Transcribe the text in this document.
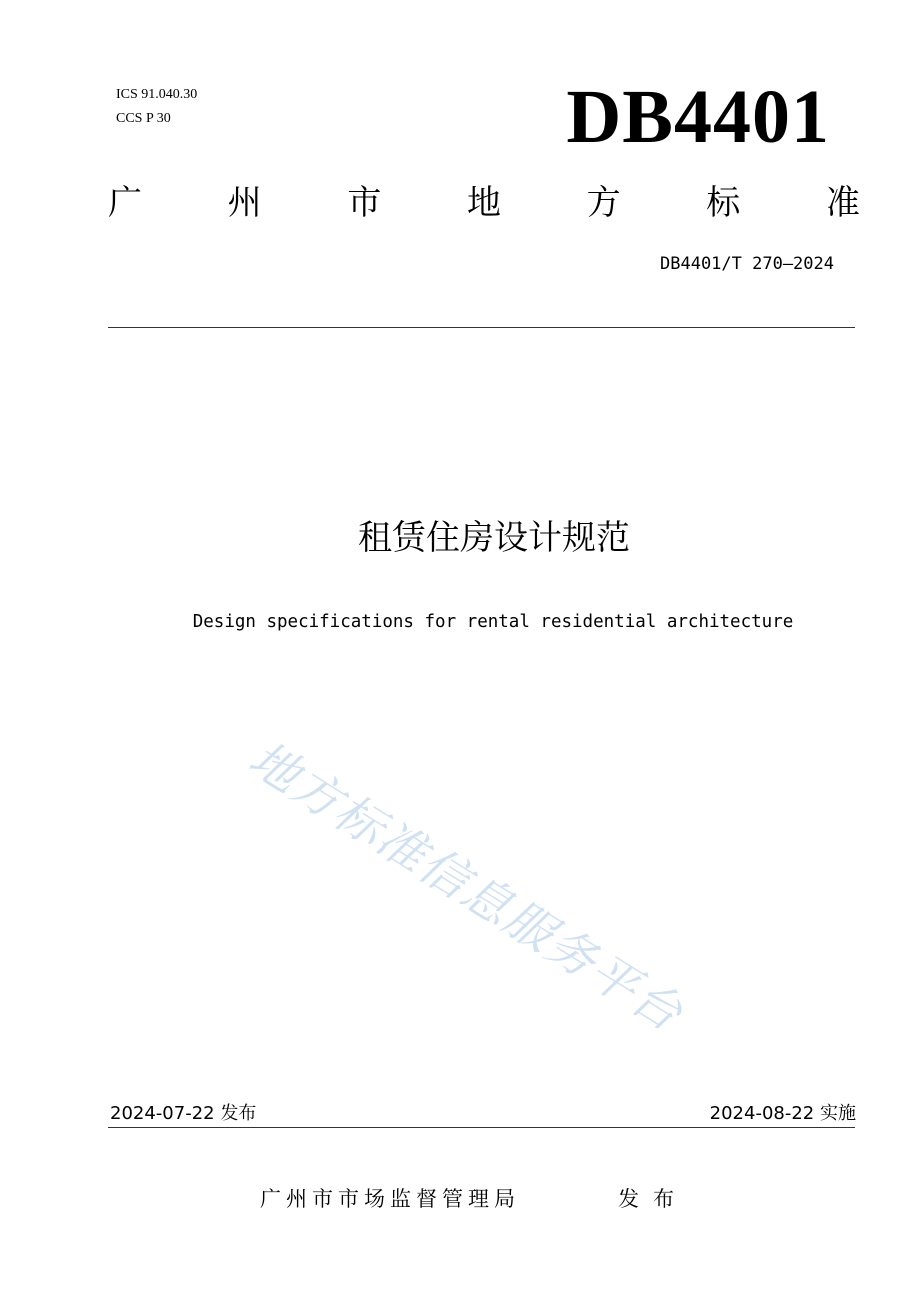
ICS 91.040.30
CCS P 30	DB4401
广	州	市	地	方	标	准
DB4401/T 270—2024
租赁住房设计规范
Design specifications for rental residential architecture
地方标准信息服务平台
2024-07-22 发布	2024-08-22 实施
广州市市场监督管理局	发布
